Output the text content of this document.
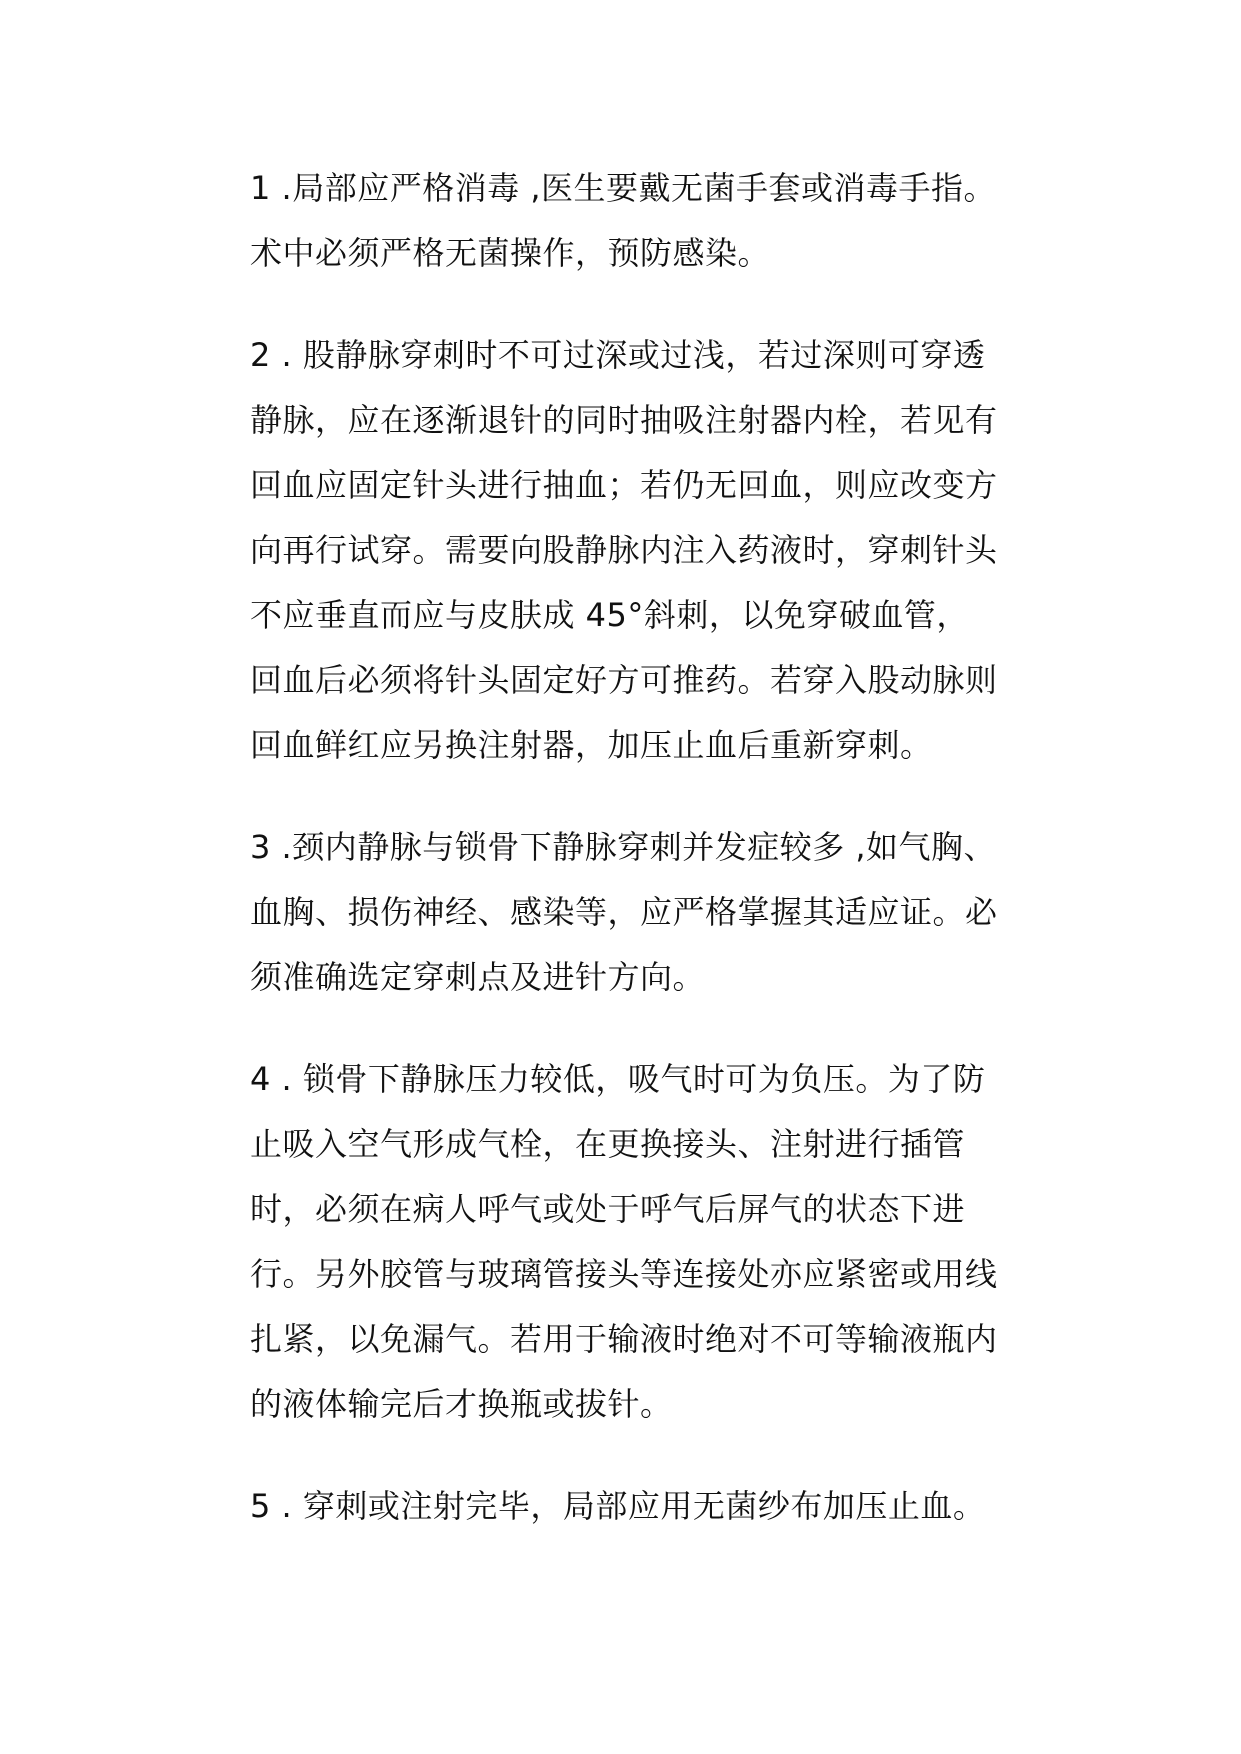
1 .局部应严格消毒 ,医生要戴无菌手套或消毒手指。术中必须严格无菌操作，预防感染。

2 . 股静脉穿刺时不可过深或过浅，若过深则可穿透静脉，应在逐渐退针的同时抽吸注射器内栓，若见有回血应固定针头进行抽血；若仍无回血，则应改变方向再行试穿。需要向股静脉内注入药液时，穿刺针头不应垂直而应与皮肤成 45°斜刺，以免穿破血管，回血后必须将针头固定好方可推药。若穿入股动脉则回血鲜红应另换注射器，加压止血后重新穿刺。

3 .颈内静脉与锁骨下静脉穿刺并发症较多 ,如气胸、血胸、损伤神经、感染等，应严格掌握其适应证。必须准确选定穿刺点及进针方向。

4 . 锁骨下静脉压力较低，吸气时可为负压。为了防止吸入空气形成气栓，在更换接头、注射进行插管时，必须在病人呼气或处于呼气后屏气的状态下进行。另外胶管与玻璃管接头等连接处亦应紧密或用线扎紧，以免漏气。若用于输液时绝对不可等输液瓶内的液体输完后才换瓶或拔针。

5 . 穿刺或注射完毕，局部应用无菌纱布加压止血。
